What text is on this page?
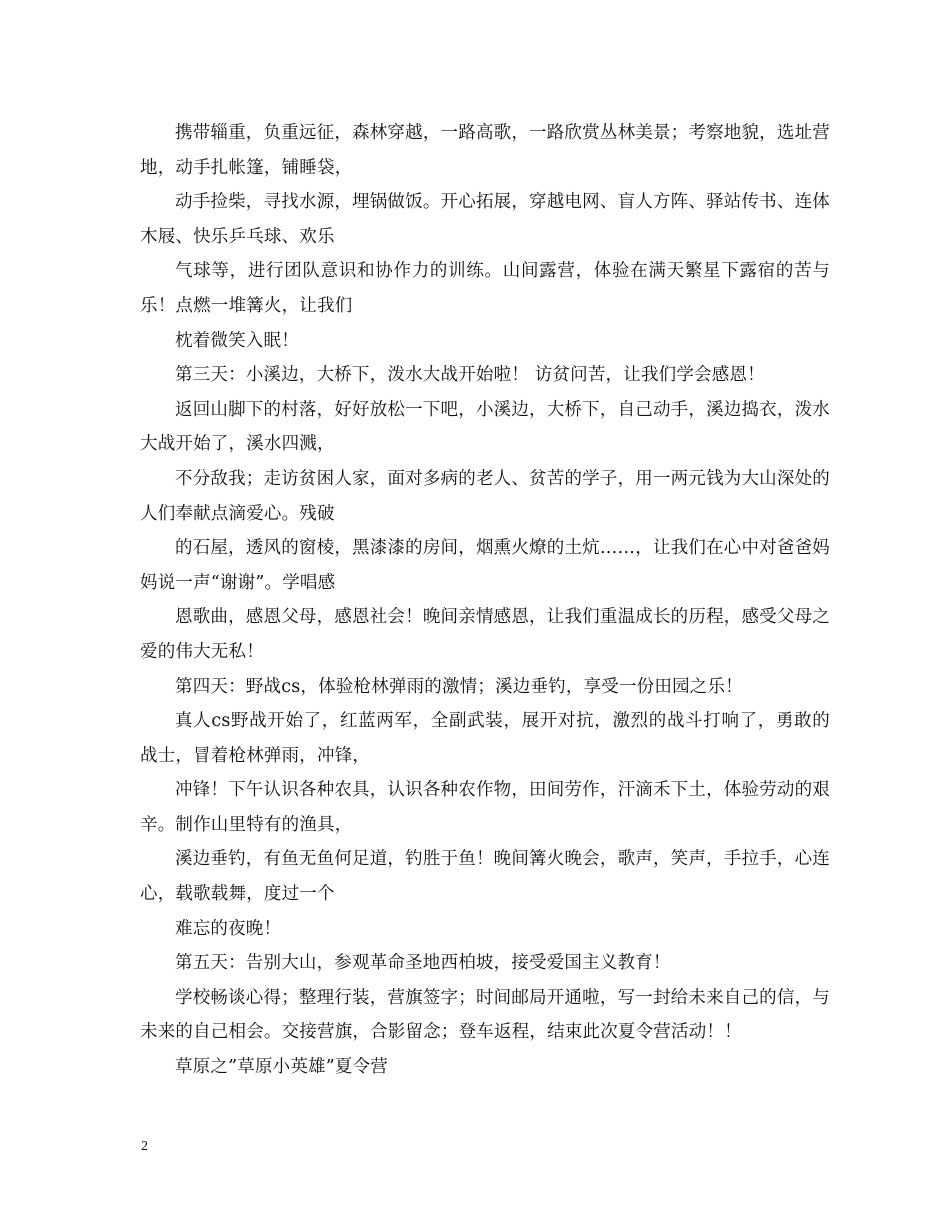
携带辎重，负重远征，森林穿越，一路高歌，一路欣赏丛林美景；考察地貌，选址营地，动手扎帐篷，铺睡袋，

动手捡柴，寻找水源，埋锅做饭。开心拓展，穿越电网、盲人方阵、驿站传书、连体木屐、快乐乒乓球、欢乐

气球等，进行团队意识和协作力的训练。山间露营，体验在满天繁星下露宿的苦与乐！点燃一堆篝火，让我们

枕着微笑入眠！

第三天：小溪边，大桥下，泼水大战开始啦！ 访贫问苦，让我们学会感恩！

返回山脚下的村落，好好放松一下吧，小溪边，大桥下，自己动手，溪边捣衣，泼水大战开始了，溪水四溅，

不分敌我；走访贫困人家，面对多病的老人、贫苦的学子，用一两元钱为大山深处的人们奉献点滴爱心。残破

的石屋，透风的窗棱，黑漆漆的房间，烟熏火燎的土炕……，让我们在心中对爸爸妈妈说一声“谢谢”。学唱感

恩歌曲，感恩父母，感恩社会！晚间亲情感恩，让我们重温成长的历程，感受父母之爱的伟大无私！

第四天：野战cs，体验枪林弹雨的激情；溪边垂钓，享受一份田园之乐！

真人cs野战开始了，红蓝两军，全副武装，展开对抗，激烈的战斗打响了，勇敢的战士，冒着枪林弹雨，冲锋，

冲锋！下午认识各种农具，认识各种农作物，田间劳作，汗滴禾下土，体验劳动的艰辛。制作山里特有的渔具，

溪边垂钓，有鱼无鱼何足道，钓胜于鱼！晚间篝火晚会，歌声，笑声，手拉手，心连心，载歌载舞，度过一个

难忘的夜晚！

第五天：告别大山，参观革命圣地西柏坡，接受爱国主义教育！

学校畅谈心得；整理行装，营旗签字；时间邮局开通啦，写一封给未来自己的信，与未来的自己相会。交接营旗，合影留念；登车返程，结束此次夏令营活动！！

草原之”草原小英雄”夏令营

2
